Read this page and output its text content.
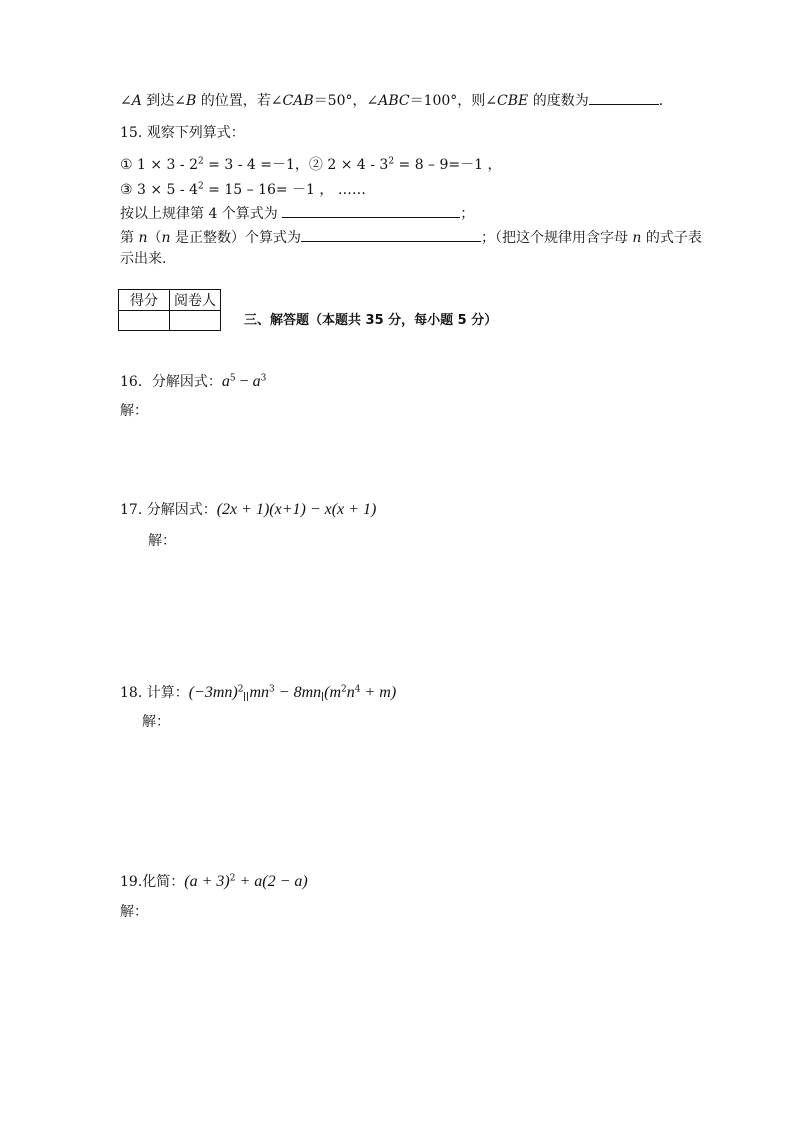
∠A 到达∠B 的位置，若∠CAB＝50°，∠ABC＝100°，则∠CBE 的度数为	.
15. 观察下列算式：
① $1 \times 3 - 2^2 = 3 - 4 =-1$，② $2 \times 4 - 3^2 = 8 - 9=-1$ ，
③ $3 \times 5 - 4^2 = 15 - 16= -1$ ， ……
按以上规律第 4 个算式为	；
第 n（n 是正整数）个算式为	；（把这个规律用含字母 n 的式子表
示出来.
得分	阅卷人

三、解答题（本题共 35 分，每小题 5 分）
16．分解因式：$a^5 - a^3$
解：
17. 分解因式：(2x + 1)(x+1) − x(x + 1)
解：
18. 计算：$(-3mn)^2$ $mn^3 - 8mn$ $(m^2n^4 + m)$
解：
19.化简：$(a + 3)^2 + a(2 - a)$
解：
